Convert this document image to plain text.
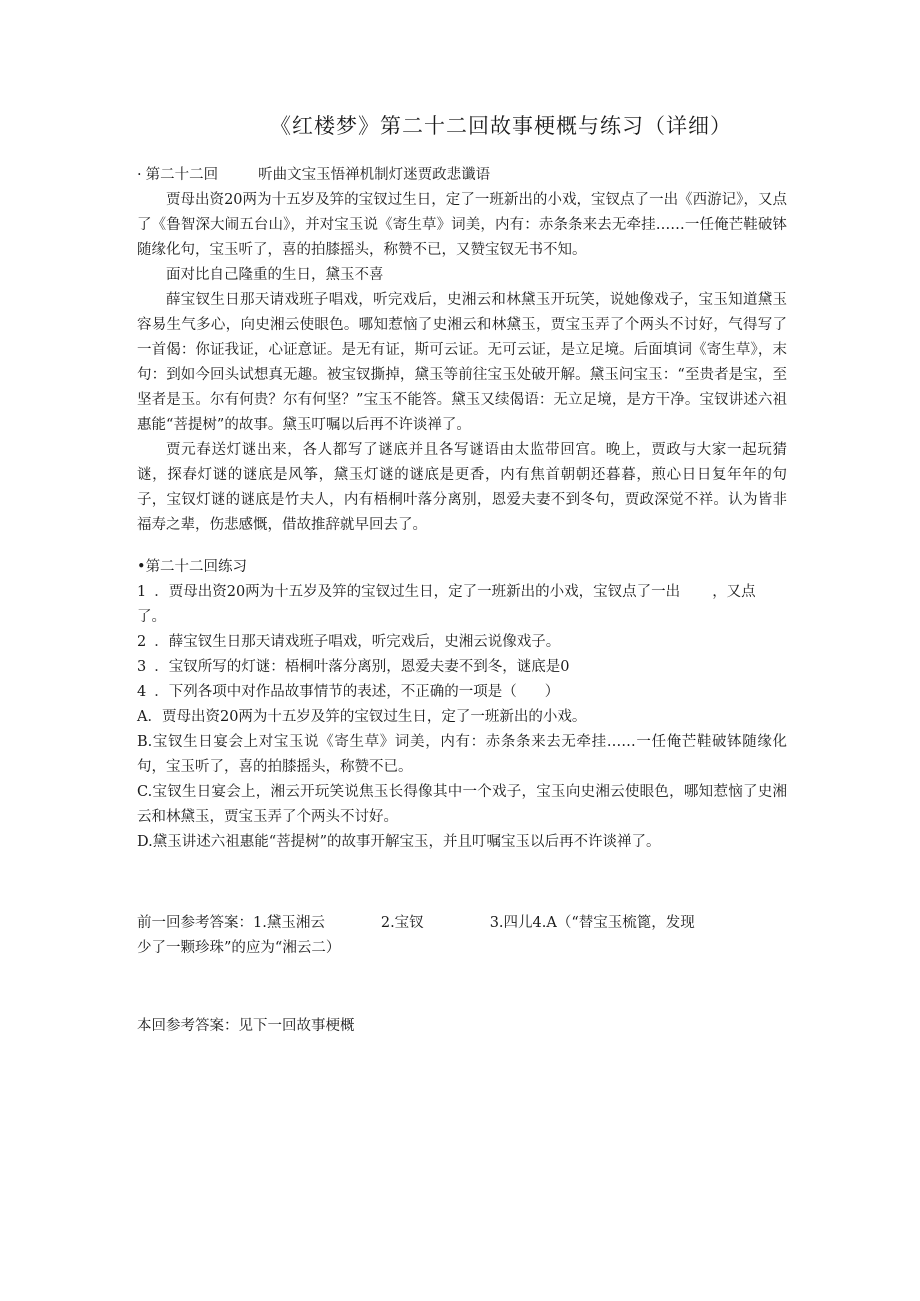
《红楼梦》第二十二回故事梗概与练习（详细）
· 第二十二回	听曲文宝玉悟禅机制灯迷贾政悲谶语

贾母出资20两为十五岁及笄的宝钗过生日，定了一班新出的小戏，宝钗点了一出《西游记》，又点了《鲁智深大闹五台山》，并对宝玉说《寄生草》词美，内有：赤条条来去无牵挂……一任俺芒鞋破钵随缘化句，宝玉听了，喜的拍膝摇头，称赞不已，又赞宝钗无书不知。

面对比自己隆重的生日，黛玉不喜

薛宝钗生日那天请戏班子唱戏，听完戏后，史湘云和林黛玉开玩笑，说她像戏子，宝玉知道黛玉容易生气多心，向史湘云使眼色。哪知惹恼了史湘云和林黛玉，贾宝玉弄了个两头不讨好，气得写了一首偈：你证我证，心证意证。是无有证，斯可云证。无可云证，是立足境。后面填词《寄生草》，末句：到如今回头试想真无趣。被宝钗撕掉，黛玉等前往宝玉处破开解。黛玉问宝玉：“至贵者是宝，至坚者是玉。尔有何贵？尔有何坚？”宝玉不能答。黛玉又续偈语：无立足境，是方干净。宝钗讲述六祖惠能“菩提树”的故事。黛玉叮嘱以后再不许谈禅了。

贾元春送灯谜出来，各人都写了谜底并且各写谜语由太监带回宫。晚上，贾政与大家一起玩猜谜，探春灯谜的谜底是风筝，黛玉灯谜的谜底是更香，内有焦首朝朝还暮暮，煎心日日复年年的句子，宝钗灯谜的谜底是竹夫人，内有梧桐叶落分离别，恩爱夫妻不到冬句，贾政深觉不祥。认为皆非福寿之辈，伤悲感慨，借故推辞就早回去了。

• 第二十二回练习
1 ．贾母出资20两为十五岁及笄的宝钗过生日，定了一班新出的小戏，宝钗点了一出 ，又点

了。

2 ．薛宝钗生日那天请戏班子唱戏，听完戏后，史湘云说像戏子。
3 ．宝钗所写的灯谜：梧桐叶落分离别，恩爱夫妻不到冬，谜底是0
4 ．下列各项中对作品故事情节的表述，不正确的一项是（ ）

A．贾母出资20两为十五岁及笄的宝钗过生日，定了一班新出的小戏。

B.宝钗生日宴会上对宝玉说《寄生草》词美，内有：赤条条来去无牵挂……一任俺芒鞋破钵随缘化句，宝玉听了，喜的拍膝摇头，称赞不已。

C.宝钗生日宴会上，湘云开玩笑说焦玉长得像其中一个戏子，宝玉向史湘云使眼色，哪知惹恼了史湘云和林黛玉，贾宝玉弄了个两头不讨好。

D.黛玉讲述六祖惠能“菩提树”的故事开解宝玉，并且叮嘱宝玉以后再不许谈禅了。

前一回参考答案： 1.黛玉湘云	2.宝钗	3.四儿4.A（“替宝玉梳篦，发现

少了一颗珍珠”的应为“湘云二）

本回参考答案：见下一回故事梗概
